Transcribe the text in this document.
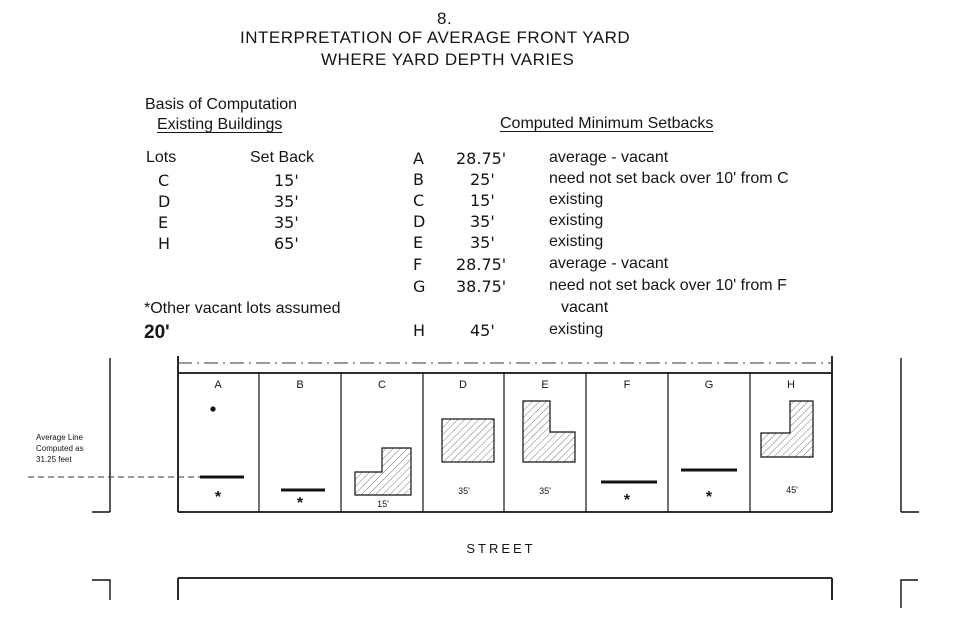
8.
INTERPRETATION OF AVERAGE FRONT YARD
WHERE YARD DEPTH VARIES
Basis of Computation
Existing Buildings
Lots	Set Back
C	15'
D	35'
E	35'
H	65'
*Other vacant lots assumed
20'
Computed Minimum Setbacks
A 28.75'	average - vacant
B	25'	need not set back over 10' from C
C	15'	existing
D	35'	existing
E	35'	existing
F 28.75'	average - vacant
G 38.75'	need not set back over 10' from F
vacant
H	45'	existing
A	B	C	D	E	F	G	H
*	*	15'
35'	35'
*	*	45'
Average Line
Computed as
31.25 feet
STREET
